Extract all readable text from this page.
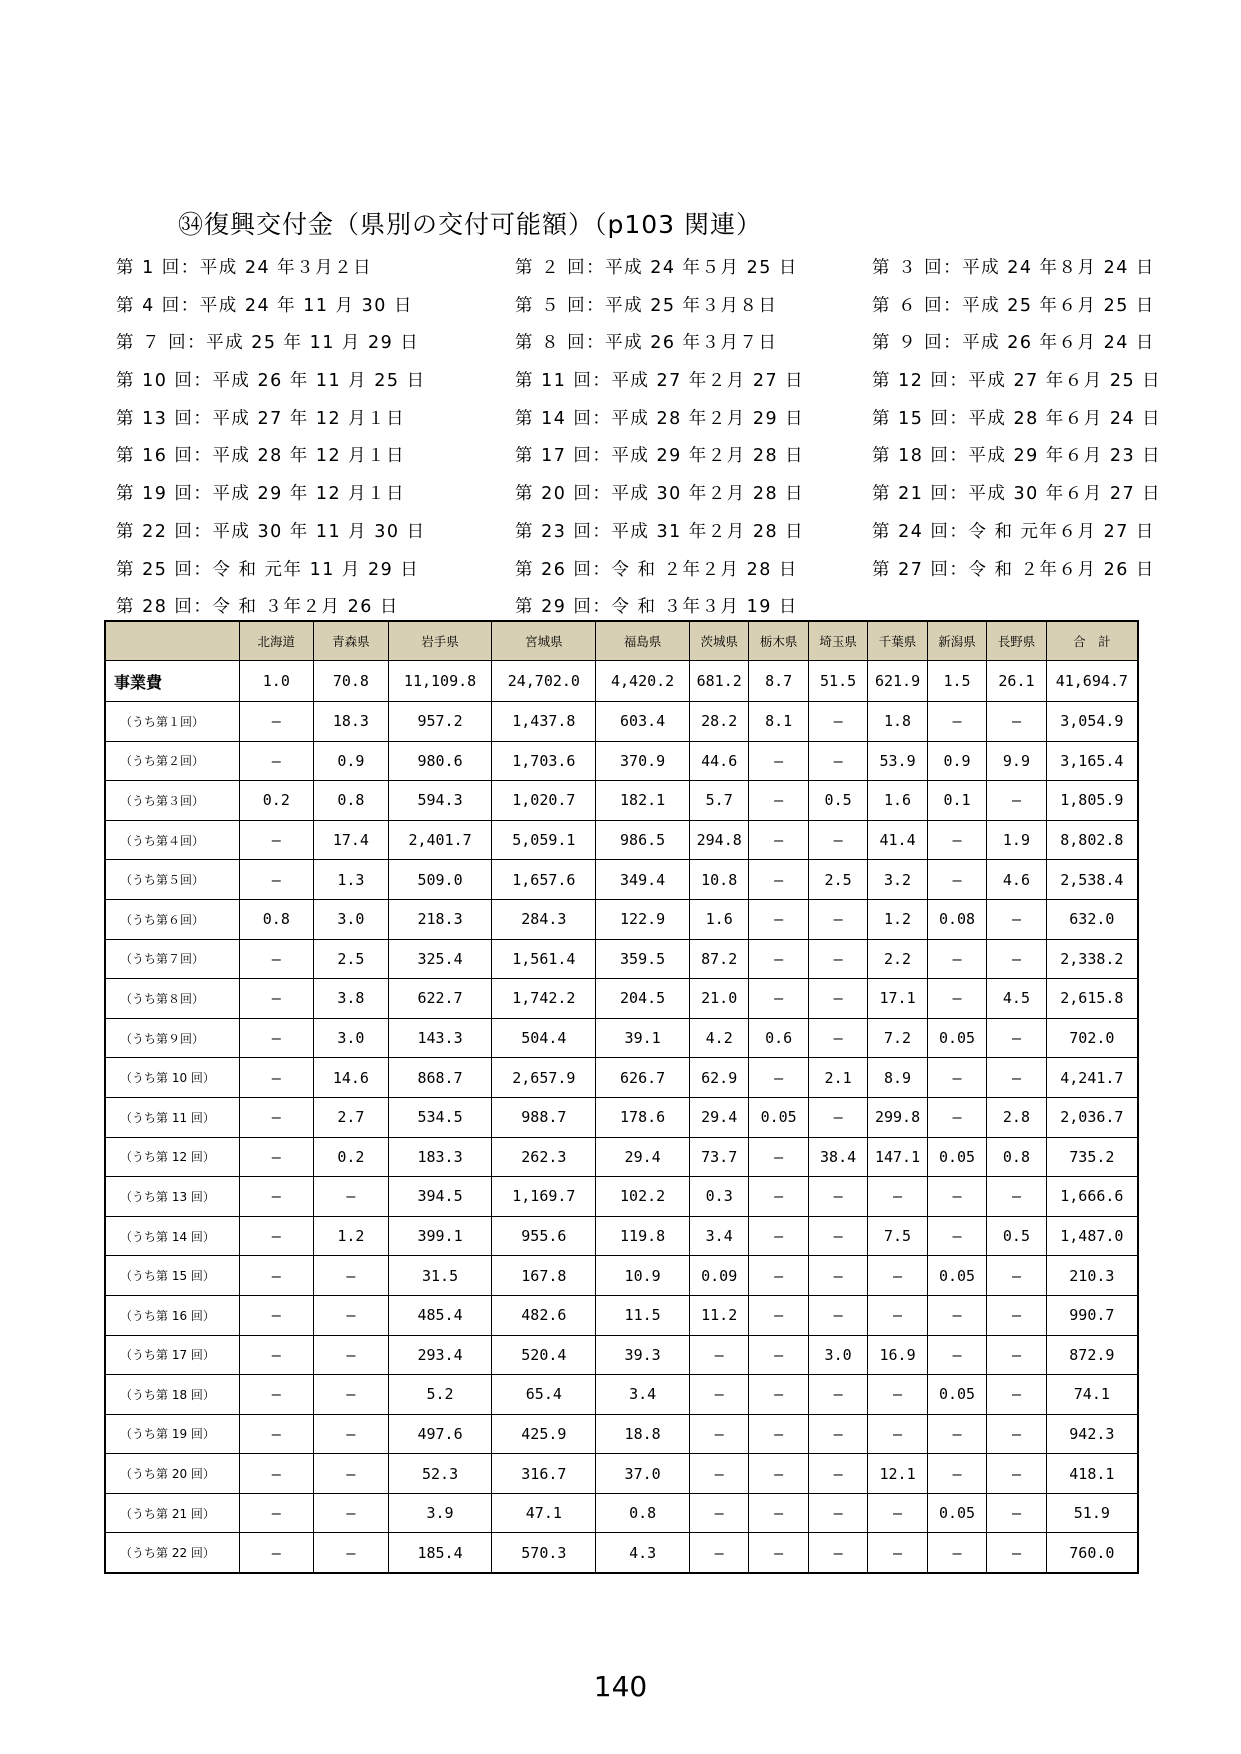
㉞復興交付金（県別の交付可能額）（p103 関連）
第 1 回：平成 24 年３月２日	第 ２ 回：平成 24 年５月 25 日	第 ３ 回：平成 24 年８月 24 日
第 4 回：平成 24 年 11 月 30 日	第 ５ 回：平成 25 年３月８日	第 ６ 回：平成 25 年６月 25 日
第 ７ 回：平成 25 年 11 月 29 日	第 ８ 回：平成 26 年３月７日	第 ９ 回：平成 26 年６月 24 日
第 10 回：平成 26 年 11 月 25 日	第 11 回：平成 27 年２月 27 日	第 12 回：平成 27 年６月 25 日
第 13 回：平成 27 年 12 月１日	第 14 回：平成 28 年２月 29 日	第 15 回：平成 28 年６月 24 日
第 16 回：平成 28 年 12 月１日	第 17 回：平成 29 年２月 28 日	第 18 回：平成 29 年６月 23 日
第 19 回：平成 29 年 12 月１日	第 20 回：平成 30 年２月 28 日	第 21 回：平成 30 年６月 27 日
第 22 回：平成 30 年 11 月 30 日	第 23 回：平成 31 年２月 28 日	第 24 回：令 和 元年６月 27 日
第 25 回：令 和 元年 11 月 29 日	第 26 回：令 和 ２年２月 28 日	第 27 回：令 和 ２年６月 26 日
第 28 回：令 和 ３年２月 26 日	第 29 回：令 和 ３年３月 19 日
	北海道	青森県	岩手県	宮城県	福島県	茨城県	栃木県	埼玉県	千葉県	新潟県	長野県	合　計
事業費	1.0	70.8	11,109.8	24,702.0	4,420.2	681.2	8.7	51.5	621.9	1.5	26.1	41,694.7
（うち第１回）	—	18.3	957.2	1,437.8	603.4	28.2	8.1	—	1.8	—	—	3,054.9
（うち第２回）	—	0.9	980.6	1,703.6	370.9	44.6	—	—	53.9	0.9	9.9	3,165.4
（うち第３回）	0.2	0.8	594.3	1,020.7	182.1	5.7	—	0.5	1.6	0.1	—	1,805.9
（うち第４回）	—	17.4	2,401.7	5,059.1	986.5	294.8	—	—	41.4	—	1.9	8,802.8
（うち第５回）	—	1.3	509.0	1,657.6	349.4	10.8	—	2.5	3.2	—	4.6	2,538.4
（うち第６回）	0.8	3.0	218.3	284.3	122.9	1.6	—	—	1.2	0.08	—	632.0
（うち第７回）	—	2.5	325.4	1,561.4	359.5	87.2	—	—	2.2	—	—	2,338.2
（うち第８回）	—	3.8	622.7	1,742.2	204.5	21.0	—	—	17.1	—	4.5	2,615.8
（うち第９回）	—	3.0	143.3	504.4	39.1	4.2	0.6	—	7.2	0.05	—	702.0
（うち第 10 回）	—	14.6	868.7	2,657.9	626.7	62.9	—	2.1	8.9	—	—	4,241.7
（うち第 11 回）	—	2.7	534.5	988.7	178.6	29.4	0.05	—	299.8	—	2.8	2,036.7
（うち第 12 回）	—	0.2	183.3	262.3	29.4	73.7	—	38.4	147.1	0.05	0.8	735.2
（うち第 13 回）	—	—	394.5	1,169.7	102.2	0.3	—	—	—	—	—	1,666.6
（うち第 14 回）	—	1.2	399.1	955.6	119.8	3.4	—	—	7.5	—	0.5	1,487.0
（うち第 15 回）	—	—	31.5	167.8	10.9	0.09	—	—	—	0.05	—	210.3
（うち第 16 回）	—	—	485.4	482.6	11.5	11.2	—	—	—	—	—	990.7
（うち第 17 回）	—	—	293.4	520.4	39.3	—	—	3.0	16.9	—	—	872.9
（うち第 18 回）	—	—	5.2	65.4	3.4	—	—	—	—	0.05	—	74.1
（うち第 19 回）	—	—	497.6	425.9	18.8	—	—	—	—	—	—	942.3
（うち第 20 回）	—	—	52.3	316.7	37.0	—	—	—	12.1	—	—	418.1
（うち第 21 回）	—	—	3.9	47.1	0.8	—	—	—	—	0.05	—	51.9
（うち第 22 回）	—	—	185.4	570.3	4.3	—	—	—	—	—	—	760.0
140
